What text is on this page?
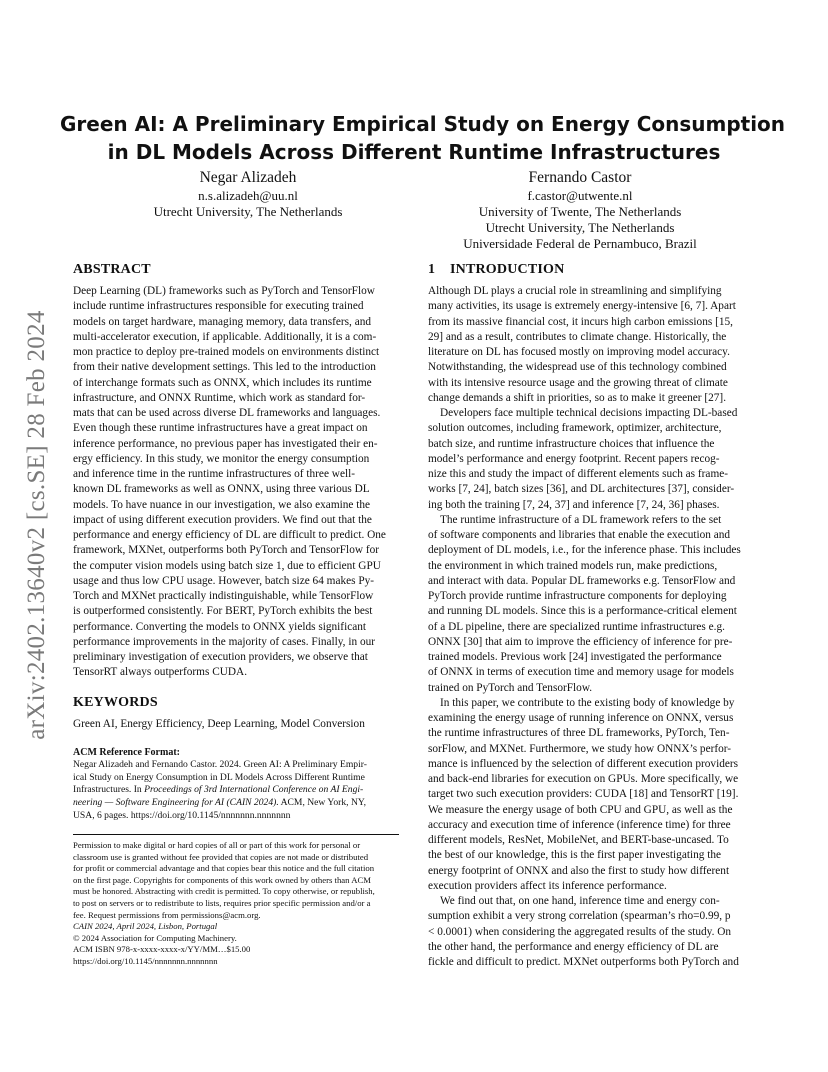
arXiv:2402.13640v2 [cs.SE] 28 Feb 2024
Green AI: A Preliminary Empirical Study on Energy Consumption
in DL Models Across Different Runtime Infrastructures
Negar Alizadeh
n.s.alizadeh@uu.nl
Utrecht University, The Netherlands
Fernando Castor
f.castor@utwente.nl
University of Twente, The Netherlands
Utrecht University, The Netherlands
Universidade Federal de Pernambuco, Brazil
ABSTRACT
Deep Learning (DL) frameworks such as PyTorch and TensorFlow
include runtime infrastructures responsible for executing trained
models on target hardware, managing memory, data transfers, and
multi-accelerator execution, if applicable. Additionally, it is a com-
mon practice to deploy pre-trained models on environments distinct
from their native development settings. This led to the introduction
of interchange formats such as ONNX, which includes its runtime
infrastructure, and ONNX Runtime, which work as standard for-
mats that can be used across diverse DL frameworks and languages.
Even though these runtime infrastructures have a great impact on
inference performance, no previous paper has investigated their en-
ergy efficiency. In this study, we monitor the energy consumption
and inference time in the runtime infrastructures of three well-
known DL frameworks as well as ONNX, using three various DL
models. To have nuance in our investigation, we also examine the
impact of using different execution providers. We find out that the
performance and energy efficiency of DL are difficult to predict. One
framework, MXNet, outperforms both PyTorch and TensorFlow for
the computer vision models using batch size 1, due to efficient GPU
usage and thus low CPU usage. However, batch size 64 makes Py-
Torch and MXNet practically indistinguishable, while TensorFlow
is outperformed consistently. For BERT, PyTorch exhibits the best
performance. Converting the models to ONNX yields significant
performance improvements in the majority of cases. Finally, in our
preliminary investigation of execution providers, we observe that
TensorRT always outperforms CUDA.
KEYWORDS
Green AI, Energy Efficiency, Deep Learning, Model Conversion
ACM Reference Format:
Negar Alizadeh and Fernando Castor. 2024. Green AI: A Preliminary Empir-
ical Study on Energy Consumption in DL Models Across Different Runtime
Infrastructures. In Proceedings of 3rd International Conference on AI Engi-
neering — Software Engineering for AI (CAIN 2024). ACM, New York, NY,
USA, 6 pages. https://doi.org/10.1145/nnnnnnn.nnnnnnn
Permission to make digital or hard copies of all or part of this work for personal or
classroom use is granted without fee provided that copies are not made or distributed
for profit or commercial advantage and that copies bear this notice and the full citation
on the first page. Copyrights for components of this work owned by others than ACM
must be honored. Abstracting with credit is permitted. To copy otherwise, or republish,
to post on servers or to redistribute to lists, requires prior specific permission and/or a
fee. Request permissions from permissions@acm.org.
CAIN 2024, April 2024, Lisbon, Portugal
© 2024 Association for Computing Machinery.
ACM ISBN 978-x-xxxx-xxxx-x/YY/MM…$15.00
https://doi.org/10.1145/nnnnnnn.nnnnnnn
1 INTRODUCTION
Although DL plays a crucial role in streamlining and simplifying
many activities, its usage is extremely energy-intensive [6, 7]. Apart
from its massive financial cost, it incurs high carbon emissions [15,
29] and as a result, contributes to climate change. Historically, the
literature on DL has focused mostly on improving model accuracy.
Notwithstanding, the widespread use of this technology combined
with its intensive resource usage and the growing threat of climate
change demands a shift in priorities, so as to make it greener [27].
Developers face multiple technical decisions impacting DL-based
solution outcomes, including framework, optimizer, architecture,
batch size, and runtime infrastructure choices that influence the
model’s performance and energy footprint. Recent papers recog-
nize this and study the impact of different elements such as frame-
works [7, 24], batch sizes [36], and DL architectures [37], consider-
ing both the training [7, 24, 37] and inference [7, 24, 36] phases.
The runtime infrastructure of a DL framework refers to the set
of software components and libraries that enable the execution and
deployment of DL models, i.e., for the inference phase. This includes
the environment in which trained models run, make predictions,
and interact with data. Popular DL frameworks e.g. TensorFlow and
PyTorch provide runtime infrastructure components for deploying
and running DL models. Since this is a performance-critical element
of a DL pipeline, there are specialized runtime infrastructures e.g.
ONNX [30] that aim to improve the efficiency of inference for pre-
trained models. Previous work [24] investigated the performance
of ONNX in terms of execution time and memory usage for models
trained on PyTorch and TensorFlow.
In this paper, we contribute to the existing body of knowledge by
examining the energy usage of running inference on ONNX, versus
the runtime infrastructures of three DL frameworks, PyTorch, Ten-
sorFlow, and MXNet. Furthermore, we study how ONNX’s perfor-
mance is influenced by the selection of different execution providers
and back-end libraries for execution on GPUs. More specifically, we
target two such execution providers: CUDA [18] and TensorRT [19].
We measure the energy usage of both CPU and GPU, as well as the
accuracy and execution time of inference (inference time) for three
different models, ResNet, MobileNet, and BERT-base-uncased. To
the best of our knowledge, this is the first paper investigating the
energy footprint of ONNX and also the first to study how different
execution providers affect its inference performance.
We find out that, on one hand, inference time and energy con-
sumption exhibit a very strong correlation (spearman’s rho=0.99, p
< 0.0001) when considering the aggregated results of the study. On
the other hand, the performance and energy efficiency of DL are
fickle and difficult to predict. MXNet outperforms both PyTorch and
